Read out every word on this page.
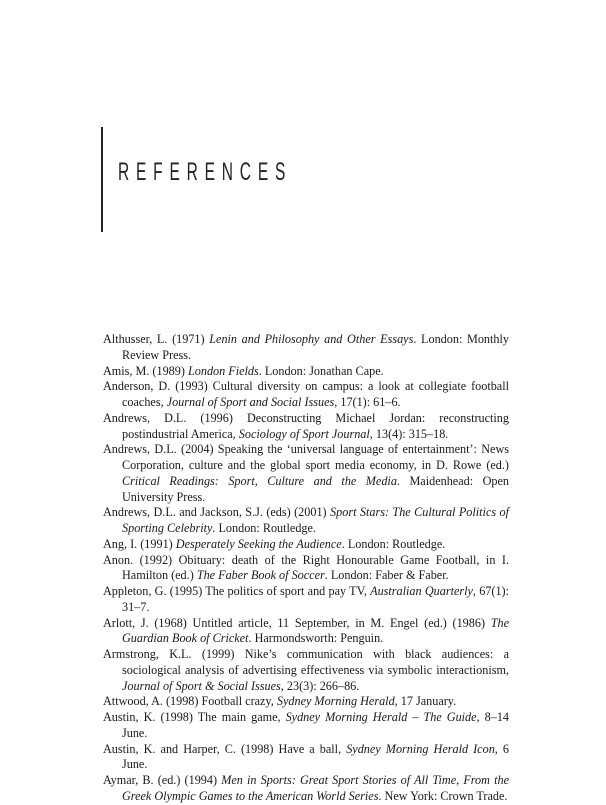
REFERENCES
Althusser, L. (1971) Lenin and Philosophy and Other Essays. London: Monthly Review Press.
Amis, M. (1989) London Fields. London: Jonathan Cape.
Anderson, D. (1993) Cultural diversity on campus: a look at collegiate football coaches, Journal of Sport and Social Issues, 17(1): 61–6.
Andrews, D.L. (1996) Deconstructing Michael Jordan: reconstructing postindustrial America, Sociology of Sport Journal, 13(4): 315–18.
Andrews, D.L. (2004) Speaking the ‘universal language of entertainment’: News Corporation, culture and the global sport media economy, in D. Rowe (ed.) Critical Readings: Sport, Culture and the Media. Maidenhead: Open University Press.
Andrews, D.L. and Jackson, S.J. (eds) (2001) Sport Stars: The Cultural Politics of Sporting Celebrity. London: Routledge.
Ang, I. (1991) Desperately Seeking the Audience. London: Routledge.
Anon. (1992) Obituary: death of the Right Honourable Game Football, in I. Hamilton (ed.) The Faber Book of Soccer. London: Faber & Faber.
Appleton, G. (1995) The politics of sport and pay TV, Australian Quarterly, 67(1): 31–7.
Arlott, J. (1968) Untitled article, 11 September, in M. Engel (ed.) (1986) The Guardian Book of Cricket. Harmondsworth: Penguin.
Armstrong, K.L. (1999) Nike’s communication with black audiences: a sociological analysis of advertising effectiveness via symbolic interactionism, Journal of Sport & Social Issues, 23(3): 266–86.
Attwood, A. (1998) Football crazy, Sydney Morning Herald, 17 January.
Austin, K. (1998) The main game, Sydney Morning Herald – The Guide, 8–14 June.
Austin, K. and Harper, C. (1998) Have a ball, Sydney Morning Herald Icon, 6 June.
Aymar, B. (ed.) (1994) Men in Sports: Great Sport Stories of All Time, From the Greek Olympic Games to the American World Series. New York: Crown Trade.
